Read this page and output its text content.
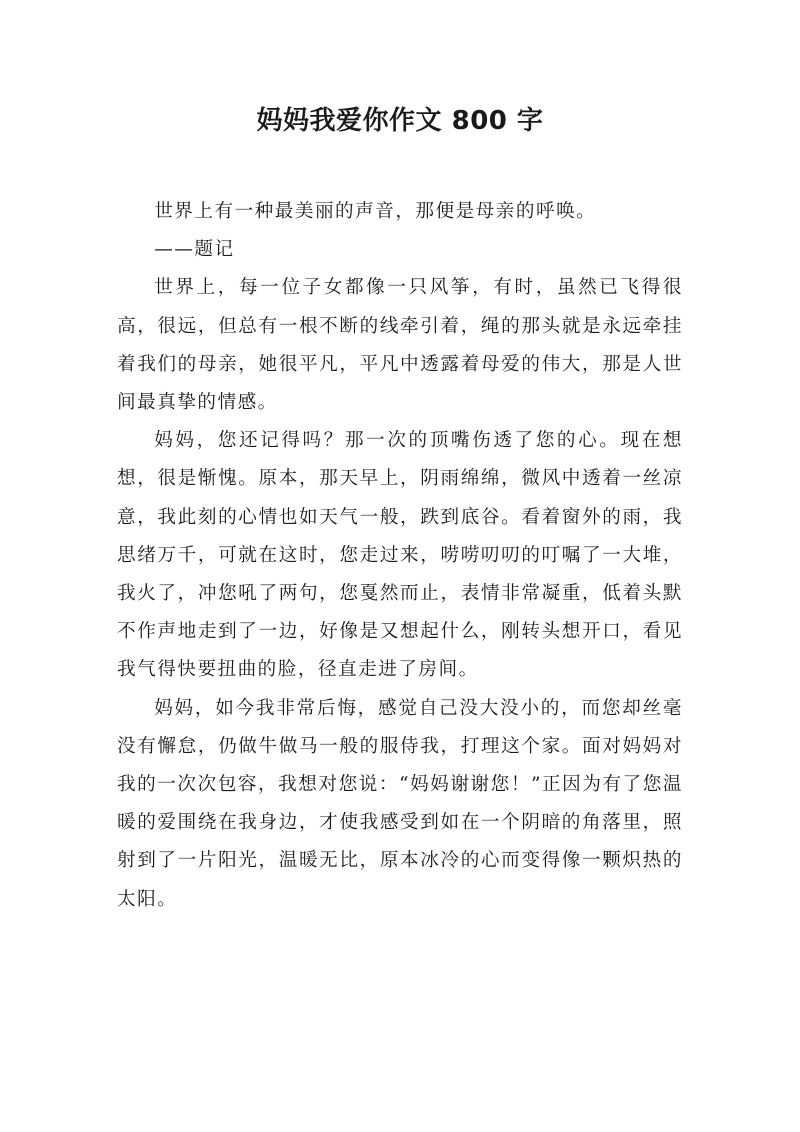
妈妈我爱你作文 800 字

世界上有一种最美丽的声音，那便是母亲的呼唤。

——题记

世界上，每一位子女都像一只风筝，有时，虽然已飞得很高，很远，但总有一根不断的线牵引着，绳的那头就是永远牵挂着我们的母亲，她很平凡，平凡中透露着母爱的伟大，那是人世间最真挚的情感。

妈妈，您还记得吗？那一次的顶嘴伤透了您的心。现在想想，很是惭愧。原本，那天早上，阴雨绵绵，微风中透着一丝凉意，我此刻的心情也如天气一般，跌到底谷。看着窗外的雨，我思绪万千，可就在这时，您走过来，唠唠叨叨的叮嘱了一大堆，我火了，冲您吼了两句，您戛然而止，表情非常凝重，低着头默不作声地走到了一边，好像是又想起什么，刚转头想开口，看见我气得快要扭曲的脸，径直走进了房间。

妈妈，如今我非常后悔，感觉自己没大没小的，而您却丝毫没有懈怠，仍做牛做马一般的服侍我，打理这个家。面对妈妈对我的一次次包容，我想对您说：“妈妈谢谢您！”正因为有了您温暖的爱围绕在我身边，才使我感受到如在一个阴暗的角落里，照射到了一片阳光，温暖无比，原本冰冷的心而变得像一颗炽热的太阳。
